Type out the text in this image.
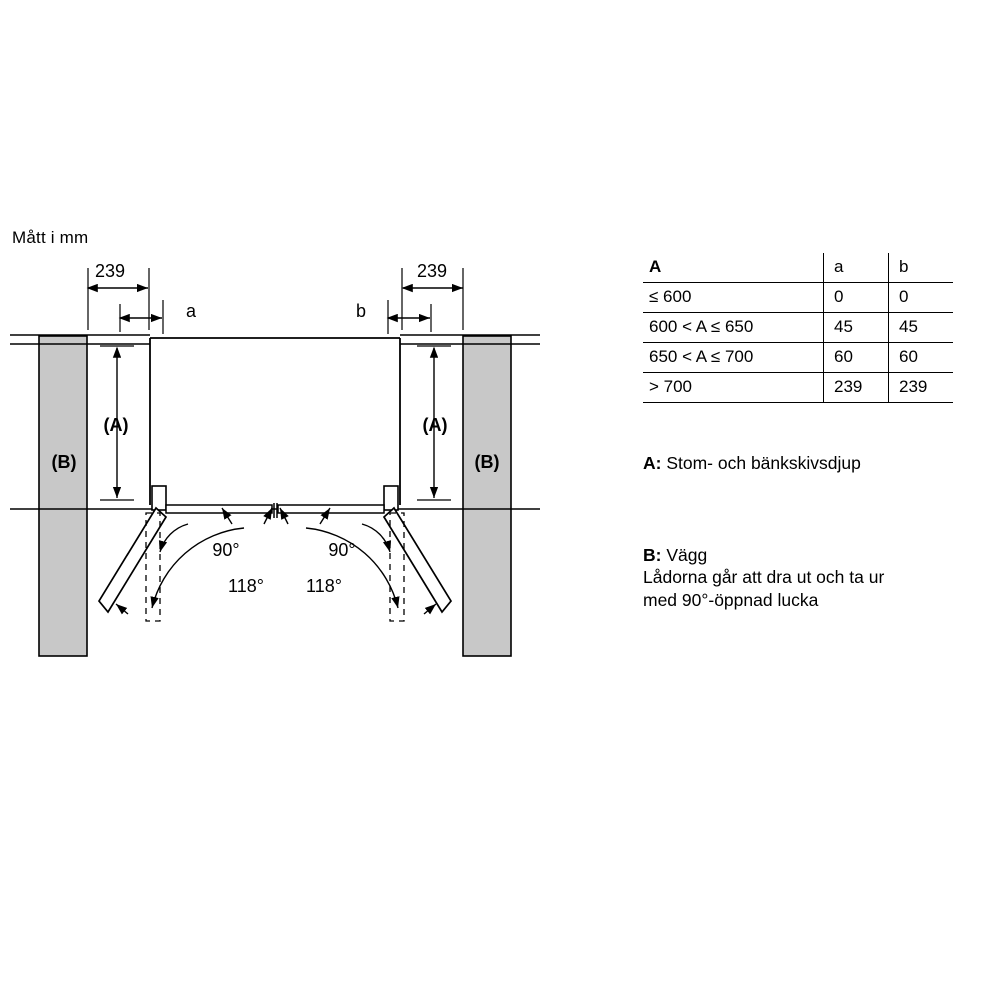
Mått i mm
239
a	b
239
(A)
(B)
(A)
(B)
90°	90°
118° 118°
A	a	b
≤ 600	0	0
600 < A ≤ 650	45	45
650 < A ≤ 700	60	60
> 700	239	239
A: Stom- och bänkskivsdjup
B: Vägg
Lådorna går att dra ut och ta ur
med 90°-öppnad lucka
